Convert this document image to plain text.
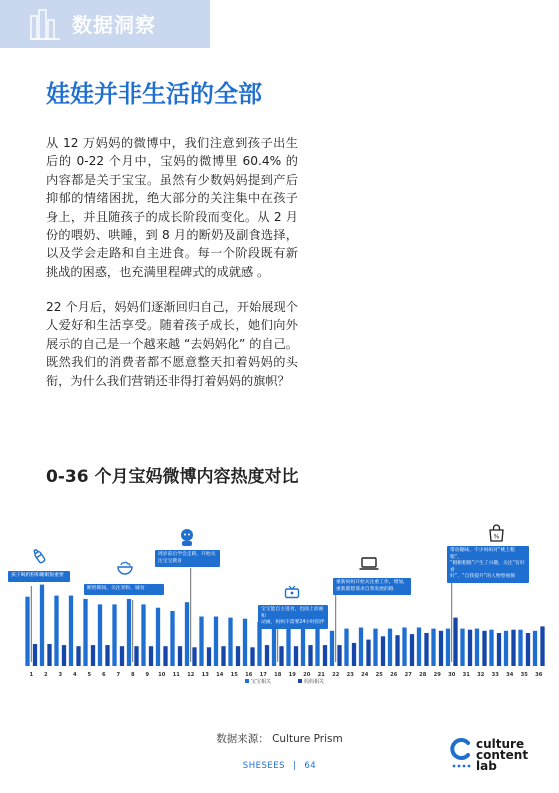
数据洞察
娃娃并非生活的全部

从 12 万妈妈的微博中，我们注意到孩子出生后的 0-22 个月中，宝妈的微博里 60.4% 的内容都是关于宝宝。虽然有少数妈妈提到产后抑郁的情绪困扰，绝大部分的关注集中在孩子身上，并且随孩子的成长阶段而变化。从 2 月份的喂奶、哄睡，到 8 月的断奶及副食选择，以及学会走路和自主进食。每一个阶段既有新挑战的困惑，也充满里程碑式的成就感 。

22 个月后，妈妈们逐渐回归自己，开始展现个人爱好和生活享受。随着孩子成长，她们向外展示的自己是一个越来越 “去妈妈化” 的自己。既然我们的消费者都不愿意整天扣着妈妈的头衔，为什么我们营销还非得打着妈妈的旗帜？

0-36 个月宝妈微博内容热度对比
1 2 3 4 5 6 7 8 9 10 11 12 13 14 15 16 17 18 19 20 21 22 23 24 25 26 27 28 29 30 31 32 33 34 35 36
宝宝相关	妈妈相关
孩子喝奶粉和睡眠很重要
断奶期间，关注米粉、辅食
周岁前后学会走路，开始关
注宝宝教育
宝宝能自主进食，也面上动画和
动画，妈妈不需要24小时陪伴
重新妈妈开始关注重工作，增加，
重新都想谋求自我发展的路
带动趣味，不少妈妈对“桃上粗粮”，
“粗粮粗粮”产生了兴趣，关注“有好看
好”、“自我提升”的人物型视频
%
数据来源： Culture Prism
SHESEES | 64
culture
content
lab
